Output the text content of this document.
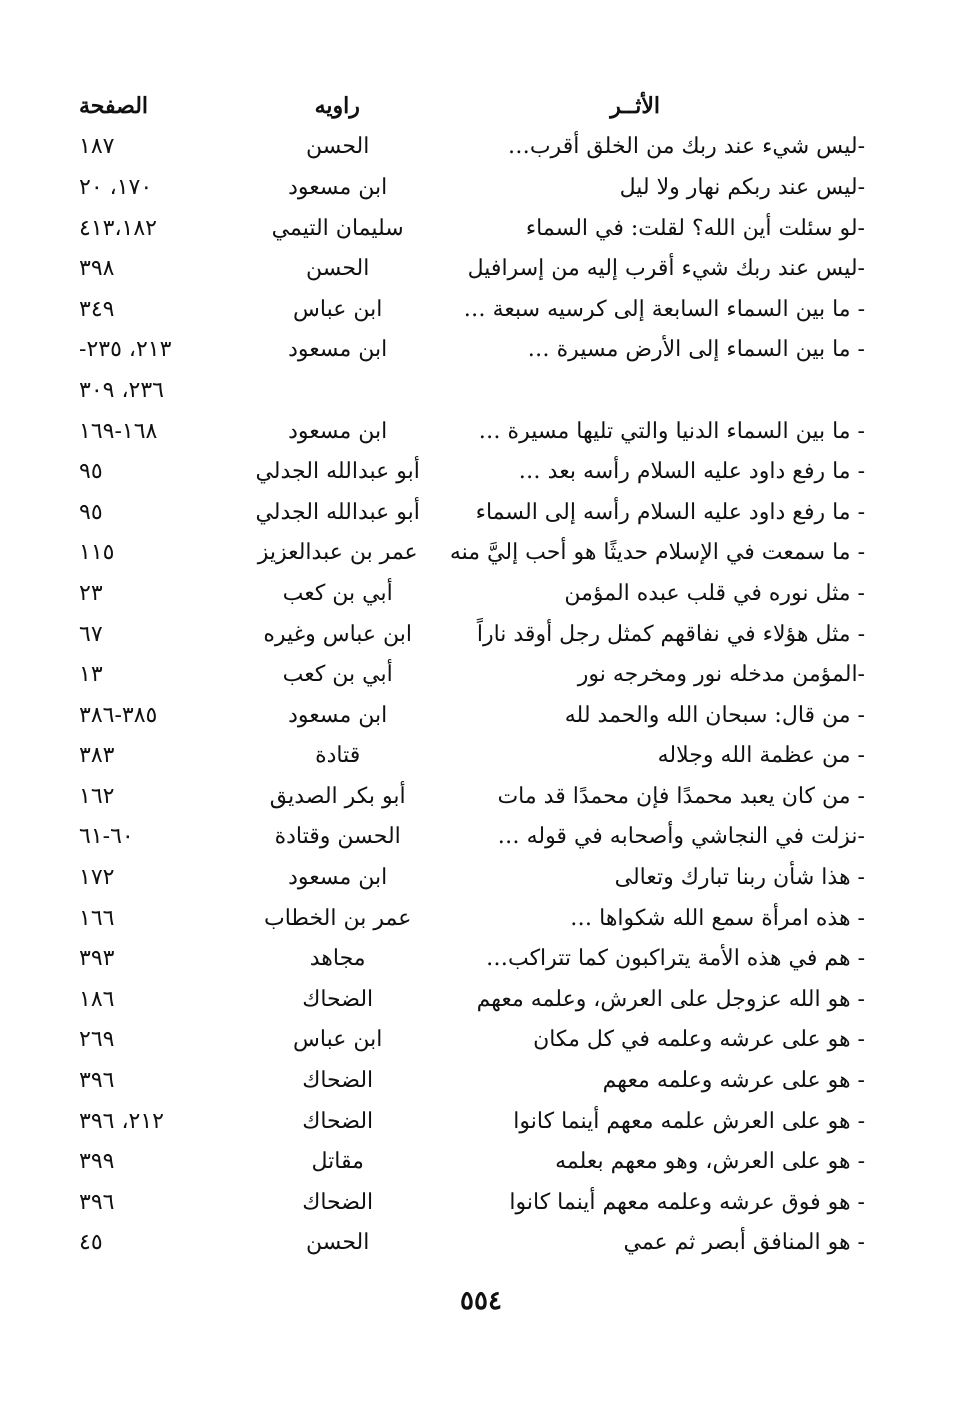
الأثــر
راويه
الصفحة
-ليس شيء عند ربك من الخلق أقرب…
الحسن
١٨٧
-ليس عند ربكم نهار ولا ليل
ابن مسعود
١٧٠، ٢٠
-لو سئلت أين الله؟ لقلت: في السماء
سليمان التيمي
٤١٣،١٨٢
-ليس عند ربك شيء أقرب إليه من إسرافيل
الحسن
٣٩٨
- ما بين السماء السابعة إلى كرسيه سبعة …
ابن عباس
٣٤٩
- ما بين السماء إلى الأرض مسيرة …
ابن مسعود
٢١٣، ٢٣٥-
٢٣٦، ٣٠٩
- ما بين السماء الدنيا والتي تليها مسيرة …
ابن مسعود
١٦٨-١٦٩
- ما رفع داود عليه السلام رأسه بعد …
أبو عبدالله الجدلي
٩٥
- ما رفع داود عليه السلام رأسه إلى السماء
أبو عبدالله الجدلي
٩٥
- ما سمعت في الإسلام حديثًا هو أحب إليَّ منه
عمر بن عبدالعزيز
١١٥
- مثل نوره في قلب عبده المؤمن
أبي بن كعب
٢٣
- مثل هؤلاء في نفاقهم كمثل رجل أوقد ناراً
ابن عباس وغيره
٦٧
-المؤمن مدخله نور ومخرجه نور
أبي بن كعب
١٣
- من قال: سبحان الله والحمد لله
ابن مسعود
٣٨٥-٣٨٦
- من عظمة الله وجلاله
قتادة
٣٨٣
- من كان يعبد محمدًا فإن محمدًا قد مات
أبو بكر الصديق
١٦٢
-نزلت في النجاشي وأصحابه في قوله …
الحسن وقتادة
٦٠-٦١
- هذا شأن ربنا تبارك وتعالى
ابن مسعود
١٧٢
- هذه امرأة سمع الله شكواها …
عمر بن الخطاب
١٦٦
- هم في هذه الأمة يتراكبون كما تتراكب…
مجاهد
٣٩٣
- هو الله عزوجل على العرش، وعلمه معهم
الضحاك
١٨٦
- هو على عرشه وعلمه في كل مكان
ابن عباس
٢٦٩
- هو على عرشه وعلمه معهم
الضحاك
٣٩٦
- هو على العرش علمه معهم أينما كانوا
الضحاك
٢١٢، ٣٩٦
- هو على العرش، وهو معهم بعلمه
مقاتل
٣٩٩
- هو فوق عرشه وعلمه معهم أينما كانوا
الضحاك
٣٩٦
- هو المنافق أبصر ثم عمي
الحسن
٤٥
٥٥٤
